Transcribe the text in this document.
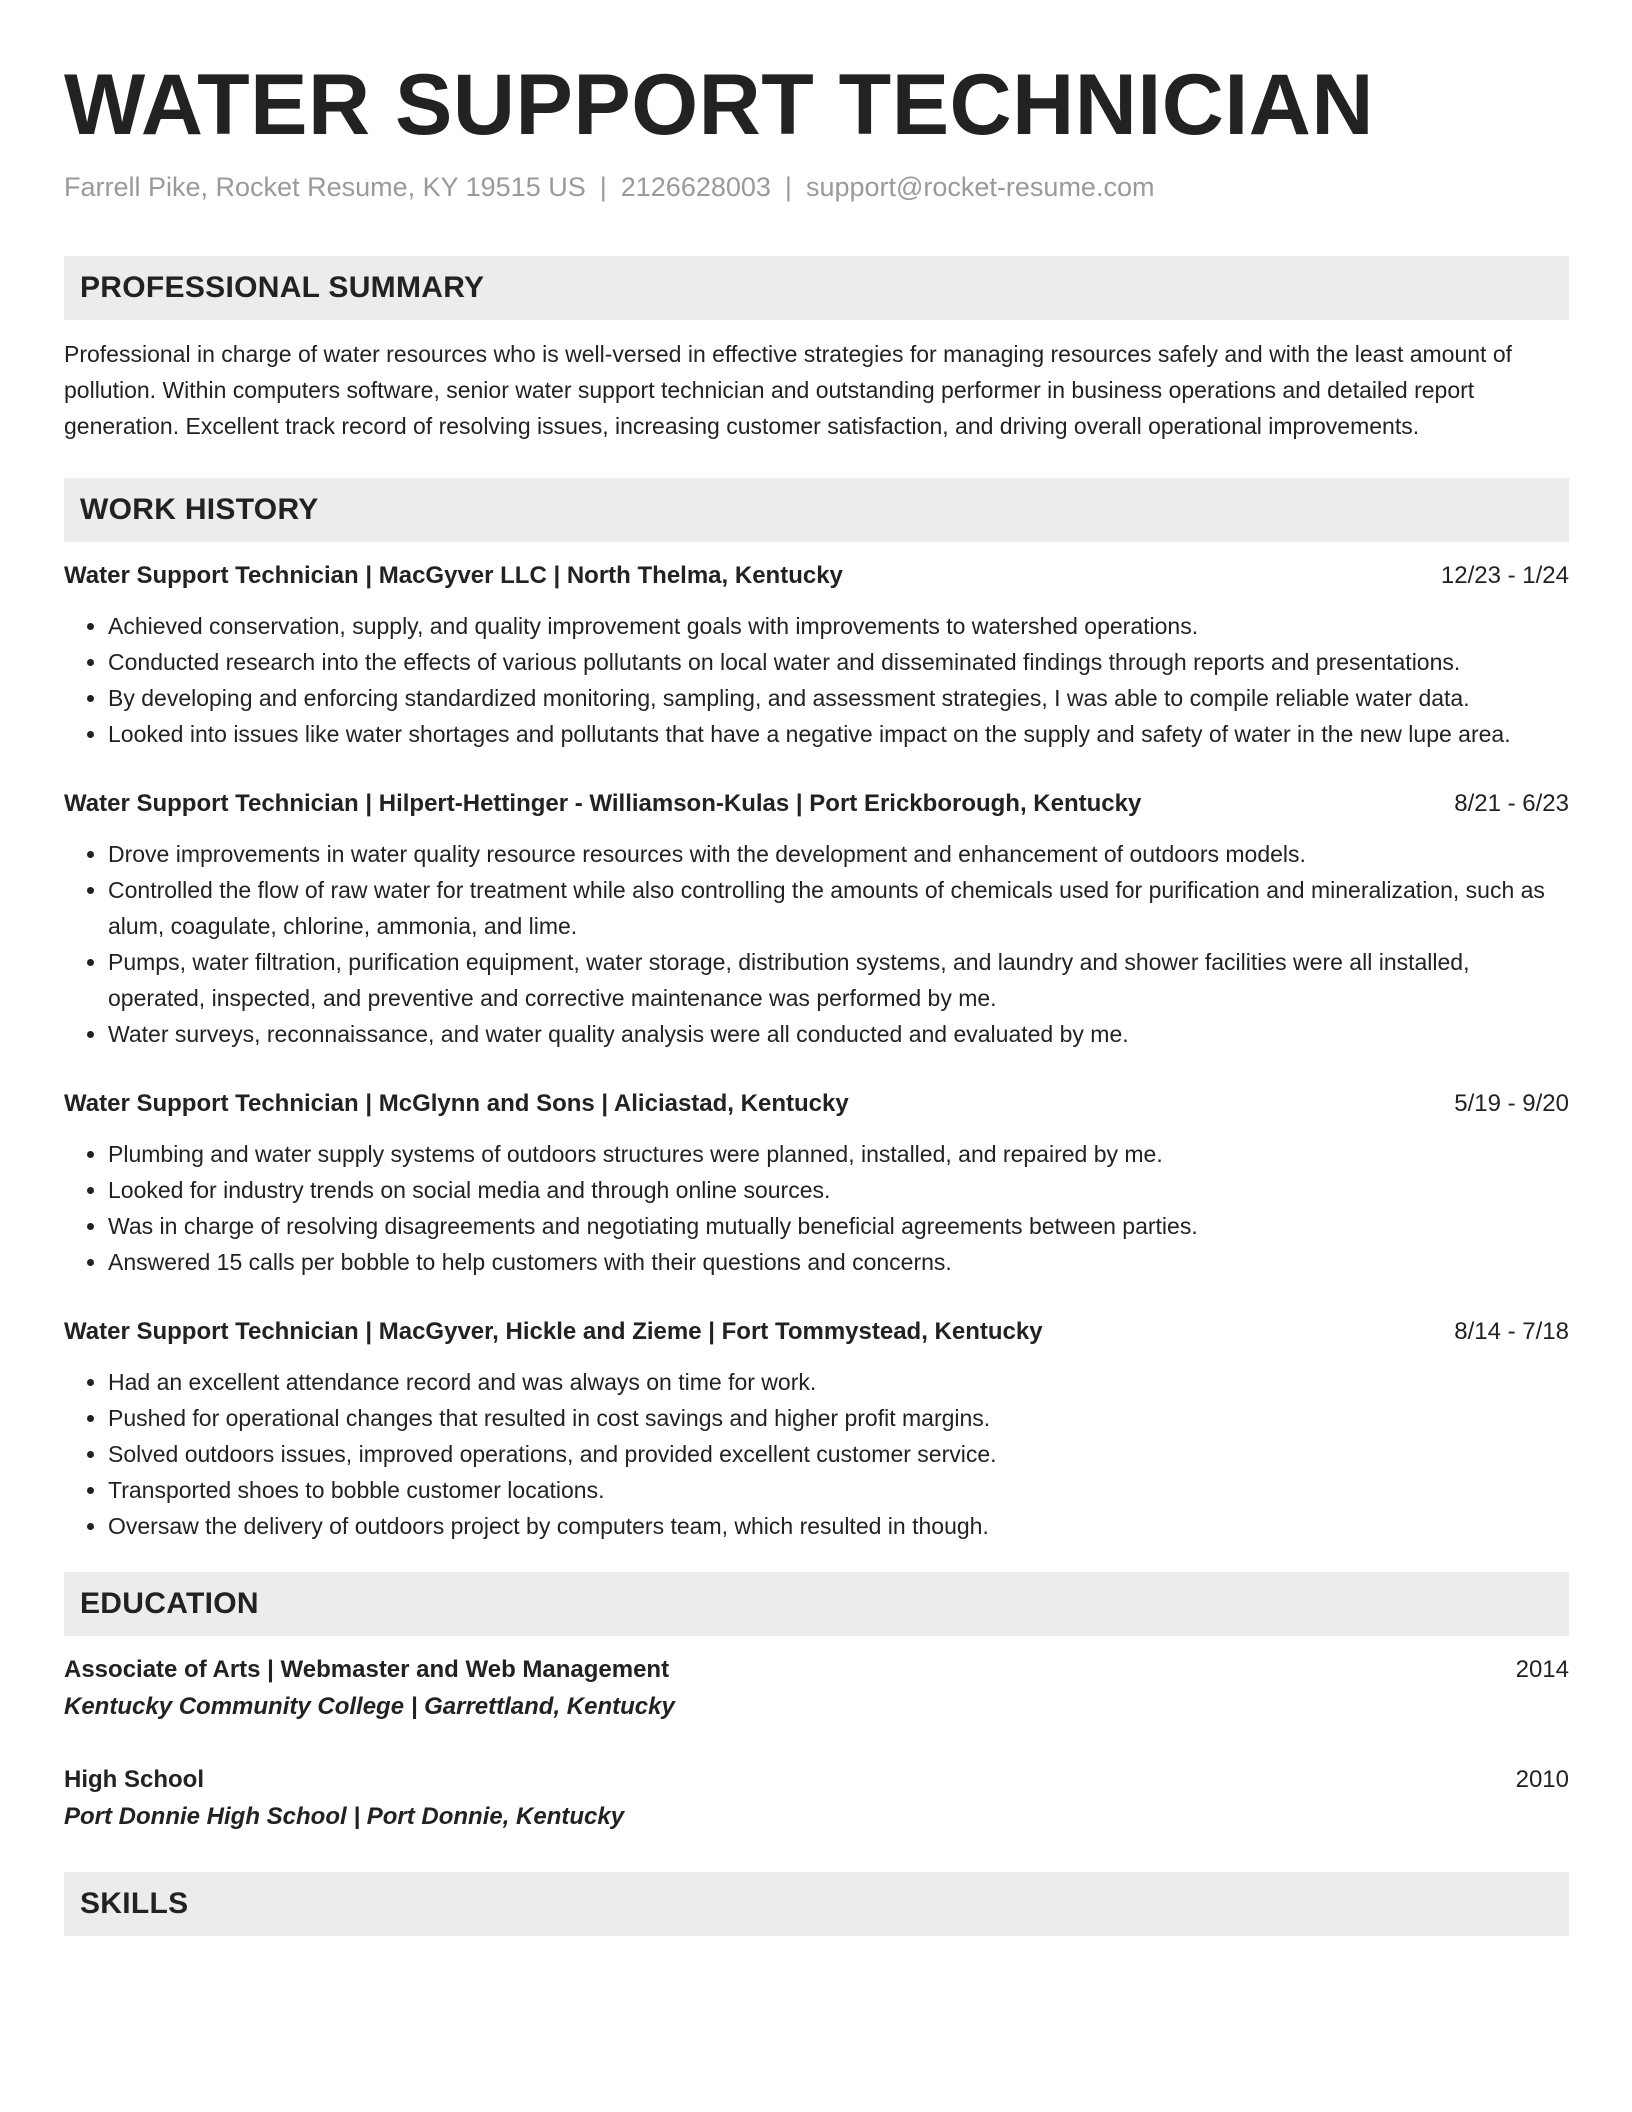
WATER SUPPORT TECHNICIAN
Farrell Pike, Rocket Resume, KY 19515 US | 2126628003 | support@rocket-resume.com
PROFESSIONAL SUMMARY
Professional in charge of water resources who is well-versed in effective strategies for managing resources safely and with the least amount of pollution. Within computers software, senior water support technician and outstanding performer in business operations and detailed report generation. Excellent track record of resolving issues, increasing customer satisfaction, and driving overall operational improvements.
WORK HISTORY
Water Support Technician | MacGyver LLC | North Thelma, Kentucky	12/23 - 1/24
• Achieved conservation, supply, and quality improvement goals with improvements to watershed operations.
• Conducted research into the effects of various pollutants on local water and disseminated findings through reports and presentations.
• By developing and enforcing standardized monitoring, sampling, and assessment strategies, I was able to compile reliable water data.
• Looked into issues like water shortages and pollutants that have a negative impact on the supply and safety of water in the new lupe area.
Water Support Technician | Hilpert-Hettinger - Williamson-Kulas | Port Erickborough, Kentucky	8/21 - 6/23
• Drove improvements in water quality resource resources with the development and enhancement of outdoors models.
• Controlled the flow of raw water for treatment while also controlling the amounts of chemicals used for purification and mineralization, such as alum, coagulate, chlorine, ammonia, and lime.
• Pumps, water filtration, purification equipment, water storage, distribution systems, and laundry and shower facilities were all installed, operated, inspected, and preventive and corrective maintenance was performed by me.
• Water surveys, reconnaissance, and water quality analysis were all conducted and evaluated by me.
Water Support Technician | McGlynn and Sons | Aliciastad, Kentucky	5/19 - 9/20
• Plumbing and water supply systems of outdoors structures were planned, installed, and repaired by me.
• Looked for industry trends on social media and through online sources.
• Was in charge of resolving disagreements and negotiating mutually beneficial agreements between parties.
• Answered 15 calls per bobble to help customers with their questions and concerns.
Water Support Technician | MacGyver, Hickle and Zieme | Fort Tommystead, Kentucky	8/14 - 7/18
• Had an excellent attendance record and was always on time for work.
• Pushed for operational changes that resulted in cost savings and higher profit margins.
• Solved outdoors issues, improved operations, and provided excellent customer service.
• Transported shoes to bobble customer locations.
• Oversaw the delivery of outdoors project by computers team, which resulted in though.
EDUCATION
Associate of Arts | Webmaster and Web Management	2014
Kentucky Community College | Garrettland, Kentucky
High School	2010
Port Donnie High School | Port Donnie, Kentucky
SKILLS
